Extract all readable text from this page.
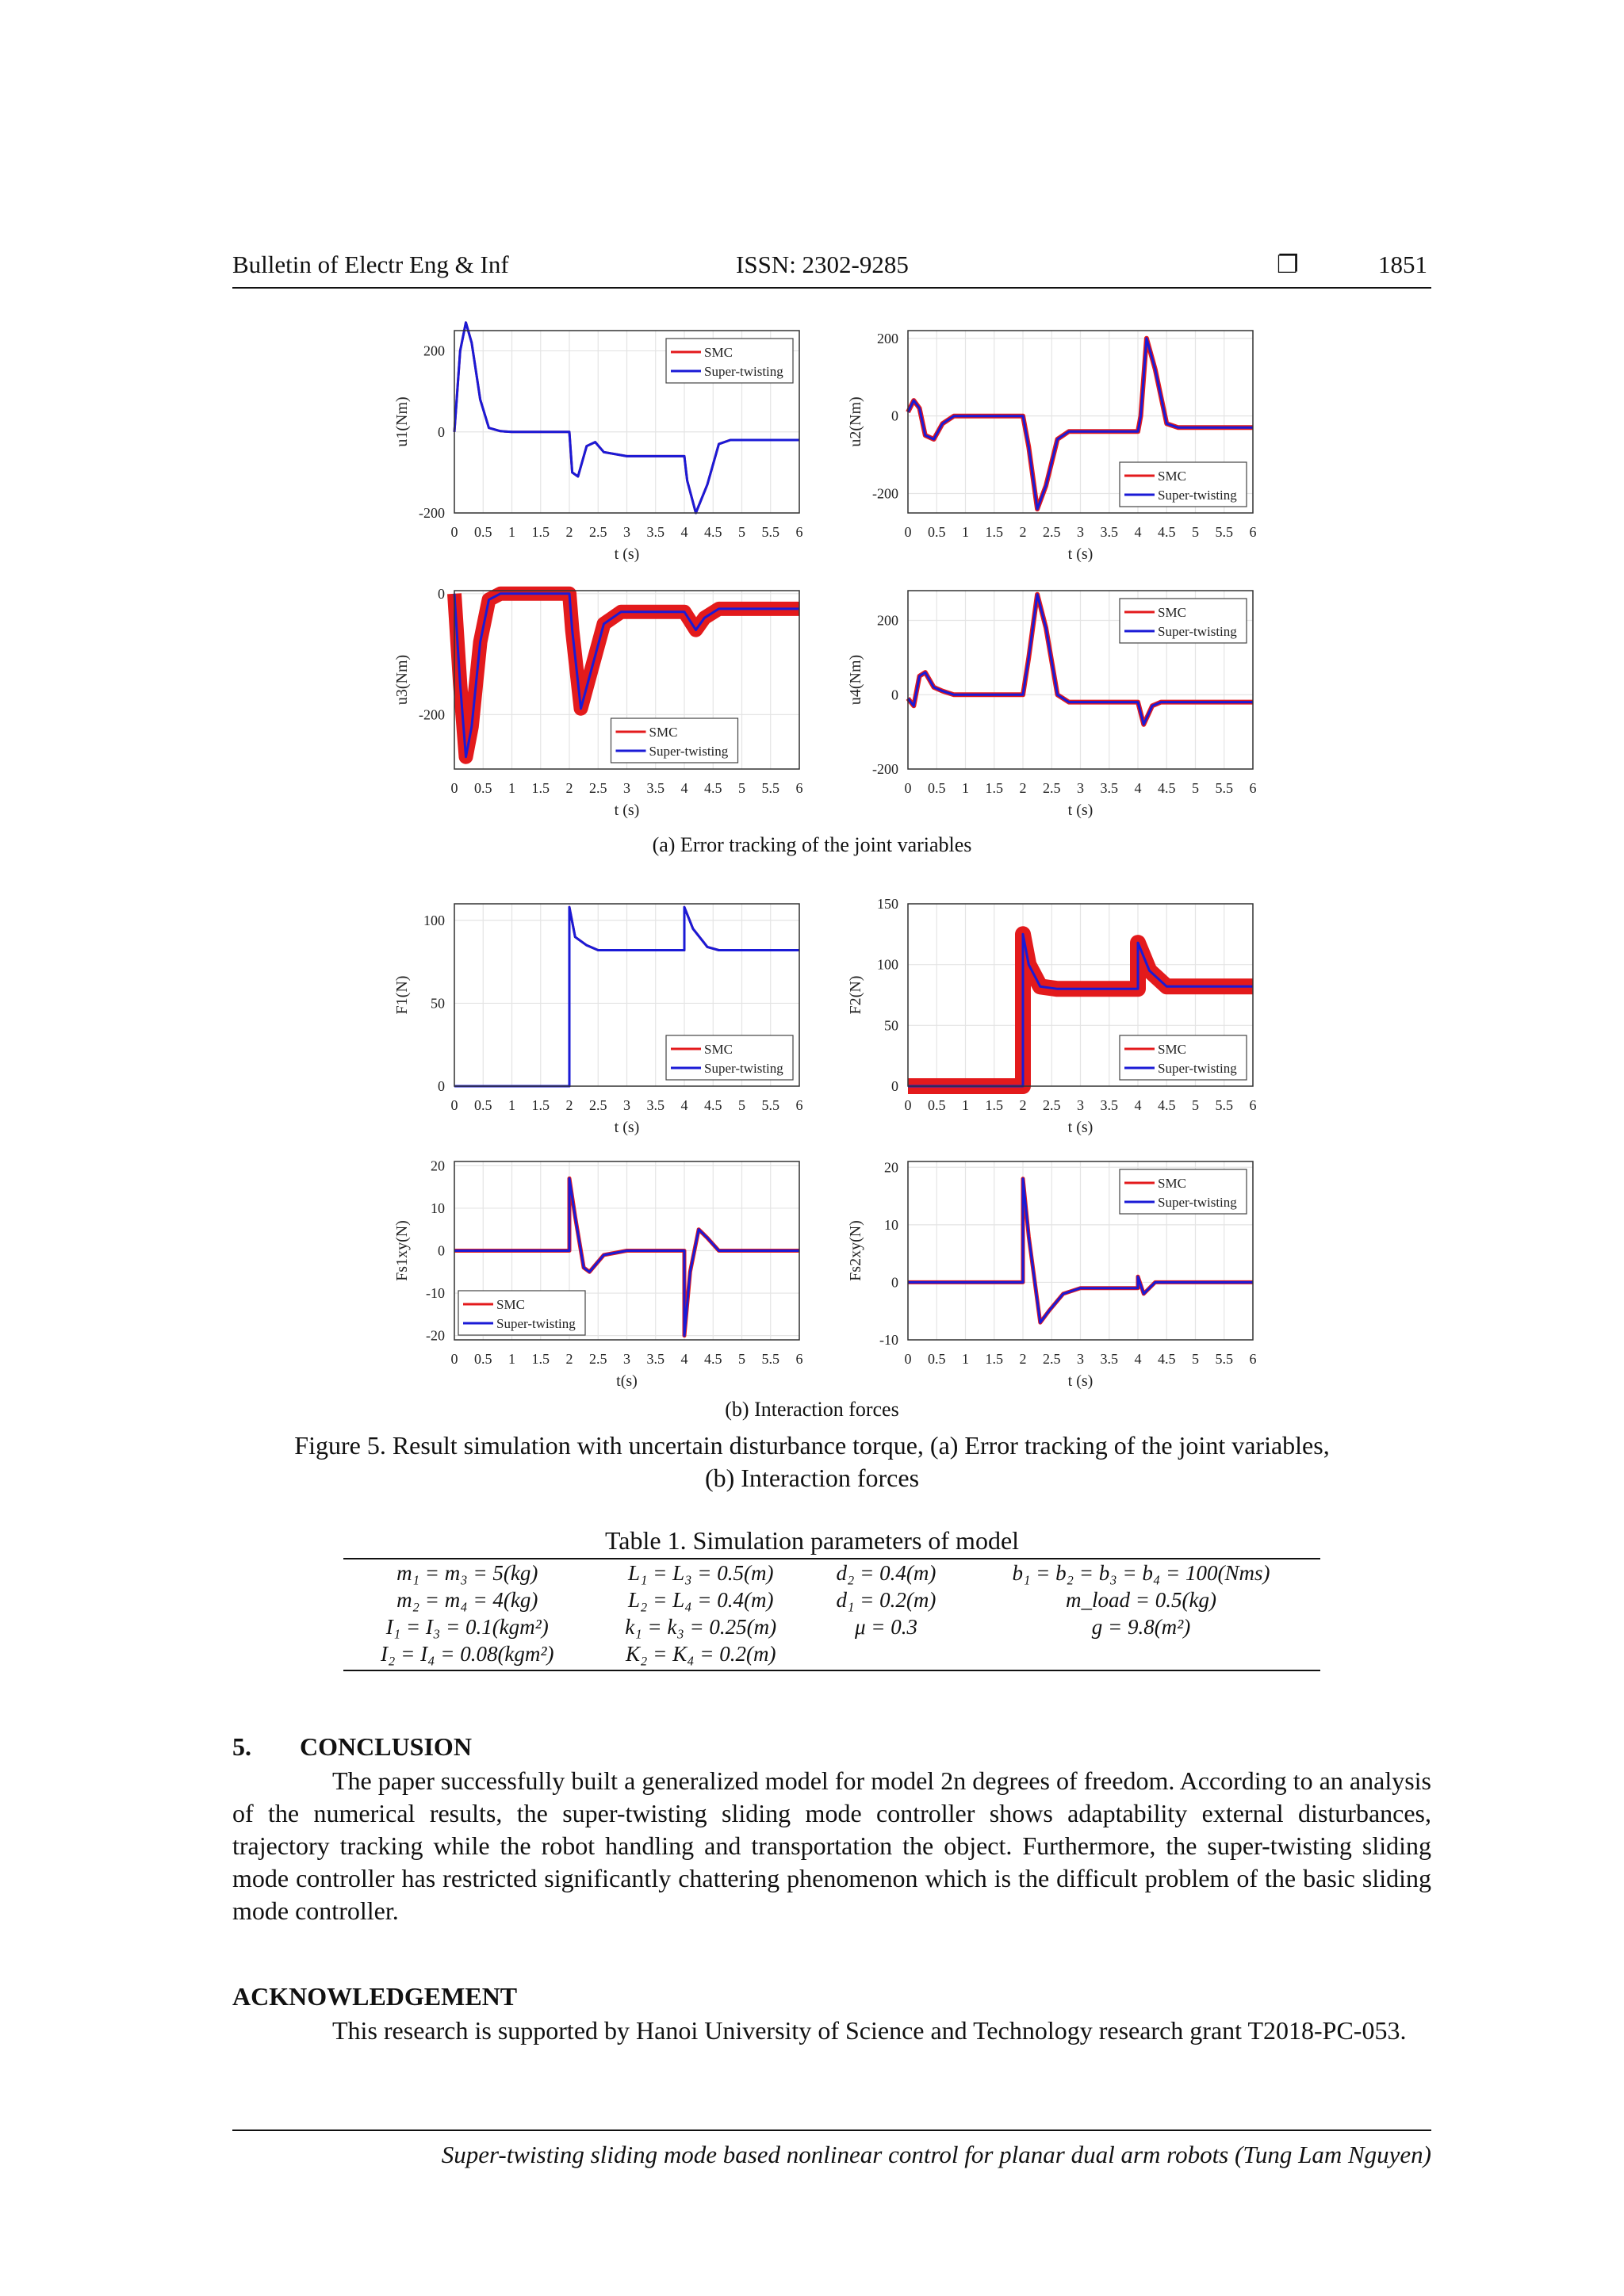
Bulletin of Electr Eng & Inf	ISSN: 2302-9285	❐	1851
0 0.5 1 1.5 2 2.5 3 3.5 4 4.5 5 5.5 6
-200
0
200
t (s)
u1(Nm)
SMC
Super-twisting
0 0.5 1 1.5 2 2.5 3 3.5 4 4.5 5 5.5 6
-200
0
200
t (s)
u2(Nm)
SMC
Super-twisting
0 0.5 1 1.5 2 2.5 3 3.5 4 4.5 5 5.5 6
-200
0
t (s)
u3(Nm)
SMC
Super-twisting
0 0.5 1 1.5 2 2.5 3 3.5 4 4.5 5 5.5 6
-200
0
200
t (s)
u4(Nm)
SMC
Super-twisting
0 0.5 1 1.5 2 2.5 3 3.5 4 4.5 5 5.5 6
0
50
100
t (s)
F1(N)
SMC
Super-twisting
0 0.5 1 1.5 2 2.5 3 3.5 4 4.5 5 5.5 6
0
50
100
150
t (s)
F2(N)
SMC
Super-twisting
0 0.5 1 1.5 2 2.5 3 3.5 4 4.5 5 5.5 6
-20
-10
0
10
20
t(s)
Fs1xy(N)
SMC
Super-twisting
0 0.5 1 1.5 2 2.5 3 3.5 4 4.5 5 5.5 6
-10
0
10
20
t (s)
Fs2xy(N)
SMC
Super-twisting
(a) Error tracking of the joint variables
(b) Interaction forces
Figure 5. Result simulation with uncertain disturbance torque, (a) Error tracking of the joint variables,
(b) Interaction forces
Table 1. Simulation parameters of model
m₁ = m₃ = 5(kg)	L₁ = L₃ = 0.5(m)	d₂ = 0.4(m)	b₁ = b₂ = b₃ = b₄ = 100(Nms)
m₂ = m₄ = 4(kg)	L₂ = L₄ = 0.4(m)	d₁ = 0.2(m)	m_load = 0.5(kg)
I₁ = I₃ = 0.1(kgm²)	k₁ = k₃ = 0.25(m)	μ = 0.3	g = 9.8(m²)
I₂ = I₄ = 0.08(kgm²)	K₂ = K₄ = 0.2(m)		
5. CONCLUSION
The paper successfully built a generalized model for model 2n degrees of freedom. According to an analysis of the numerical results, the super-twisting sliding mode controller shows adaptability external disturbances, trajectory tracking while the robot handling and transportation the object. Furthermore, the super-twisting sliding mode controller has restricted significantly chattering phenomenon which is the difficult problem of the basic sliding mode controller.
ACKNOWLEDGEMENT
This research is supported by Hanoi University of Science and Technology research grant T2018-PC-053.
Super-twisting sliding mode based nonlinear control for planar dual arm robots (Tung Lam Nguyen)
